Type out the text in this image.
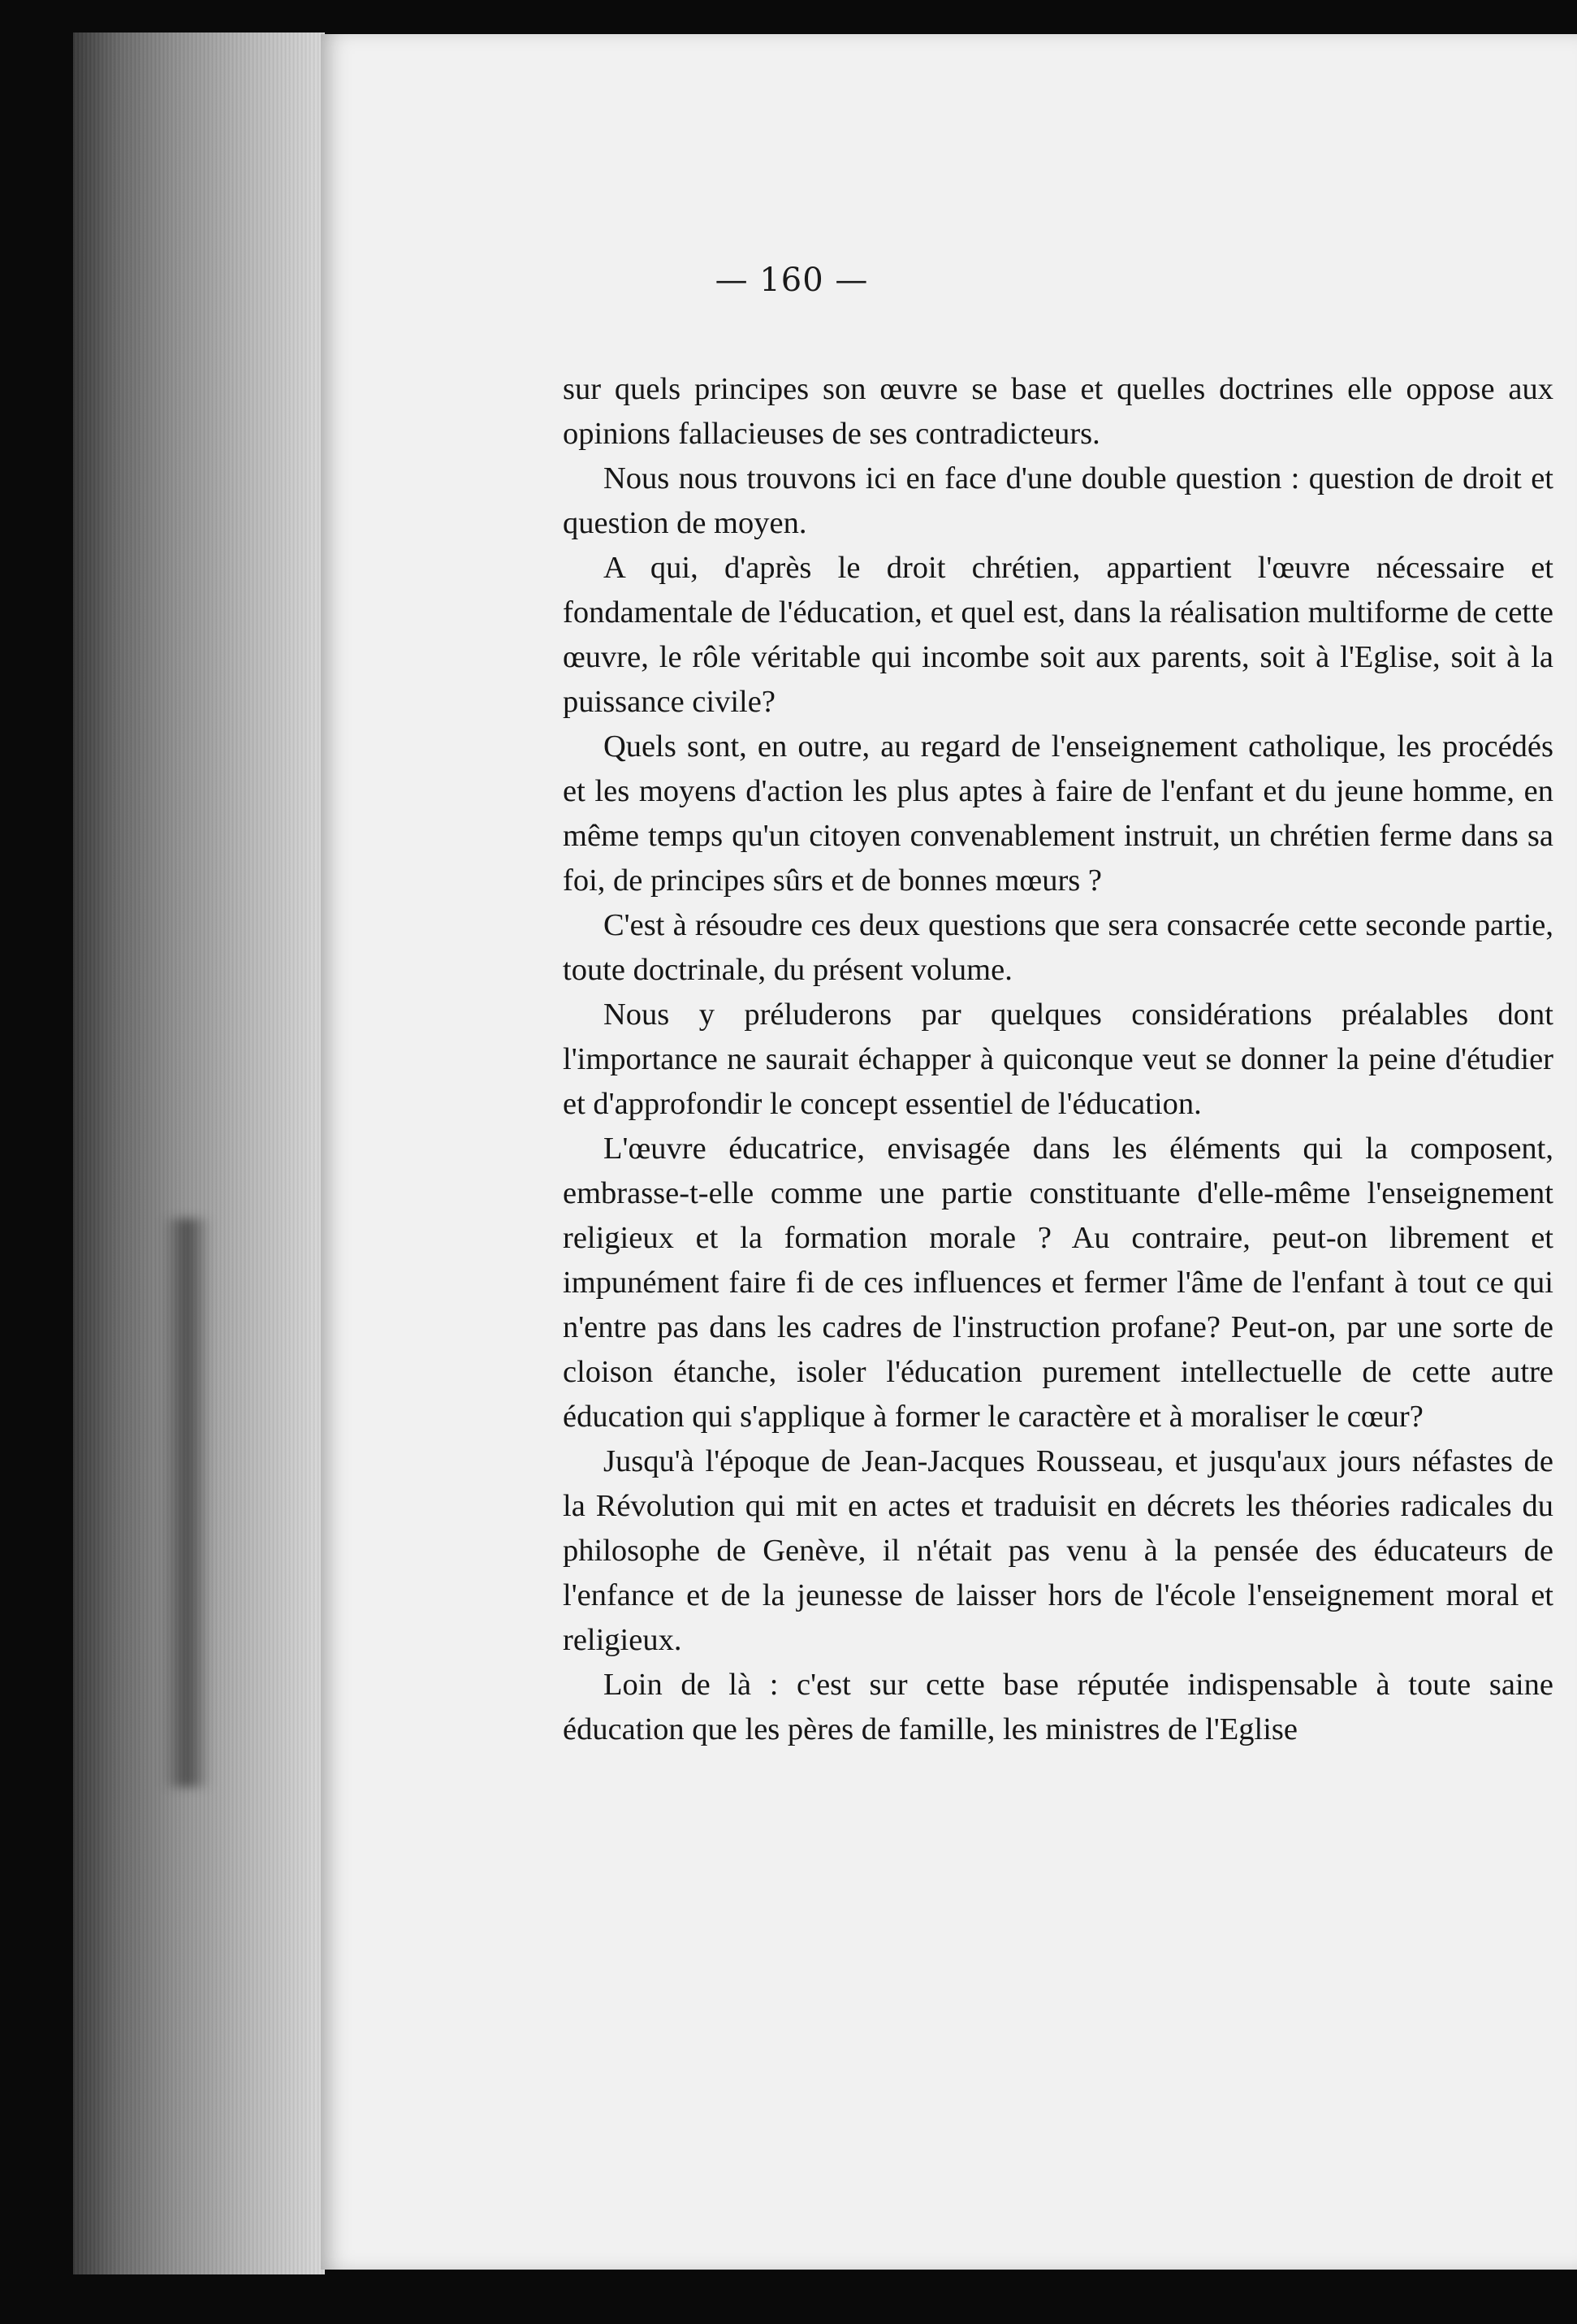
— 160 —

sur quels principes son œuvre se base et quelles doctrines elle oppose aux opinions fallacieuses de ses contradicteurs.

Nous nous trouvons ici en face d'une double question : question de droit et question de moyen.

A qui, d'après le droit chrétien, appartient l'œuvre nécessaire et fondamentale de l'éducation, et quel est, dans la réalisation multiforme de cette œuvre, le rôle véritable qui incombe soit aux parents, soit à l'Eglise, soit à la puissance civile?

Quels sont, en outre, au regard de l'enseignement catholique, les procédés et les moyens d'action les plus aptes à faire de l'enfant et du jeune homme, en même temps qu'un citoyen convenablement instruit, un chrétien ferme dans sa foi, de principes sûrs et de bonnes mœurs ?

C'est à résoudre ces deux questions que sera consacrée cette seconde partie, toute doctrinale, du présent volume.

Nous y préluderons par quelques considérations préalables dont l'importance ne saurait échapper à quiconque veut se donner la peine d'étudier et d'approfondir le concept essentiel de l'éducation.

L'œuvre éducatrice, envisagée dans les éléments qui la composent, embrasse-t-elle comme une partie constituante d'elle-même l'enseignement religieux et la formation morale ? Au contraire, peut-on librement et impunément faire fi de ces influences et fermer l'âme de l'enfant à tout ce qui n'entre pas dans les cadres de l'instruction profane? Peut-on, par une sorte de cloison étanche, isoler l'éducation purement intellectuelle de cette autre éducation qui s'applique à former le caractère et à moraliser le cœur?

Jusqu'à l'époque de Jean-Jacques Rousseau, et jusqu'aux jours néfastes de la Révolution qui mit en actes et traduisit en décrets les théories radicales du philosophe de Genève, il n'était pas venu à la pensée des éducateurs de l'enfance et de la jeunesse de laisser hors de l'école l'enseignement moral et religieux.

Loin de là : c'est sur cette base réputée indispensable à toute saine éducation que les pères de famille, les ministres de l'Eglise
